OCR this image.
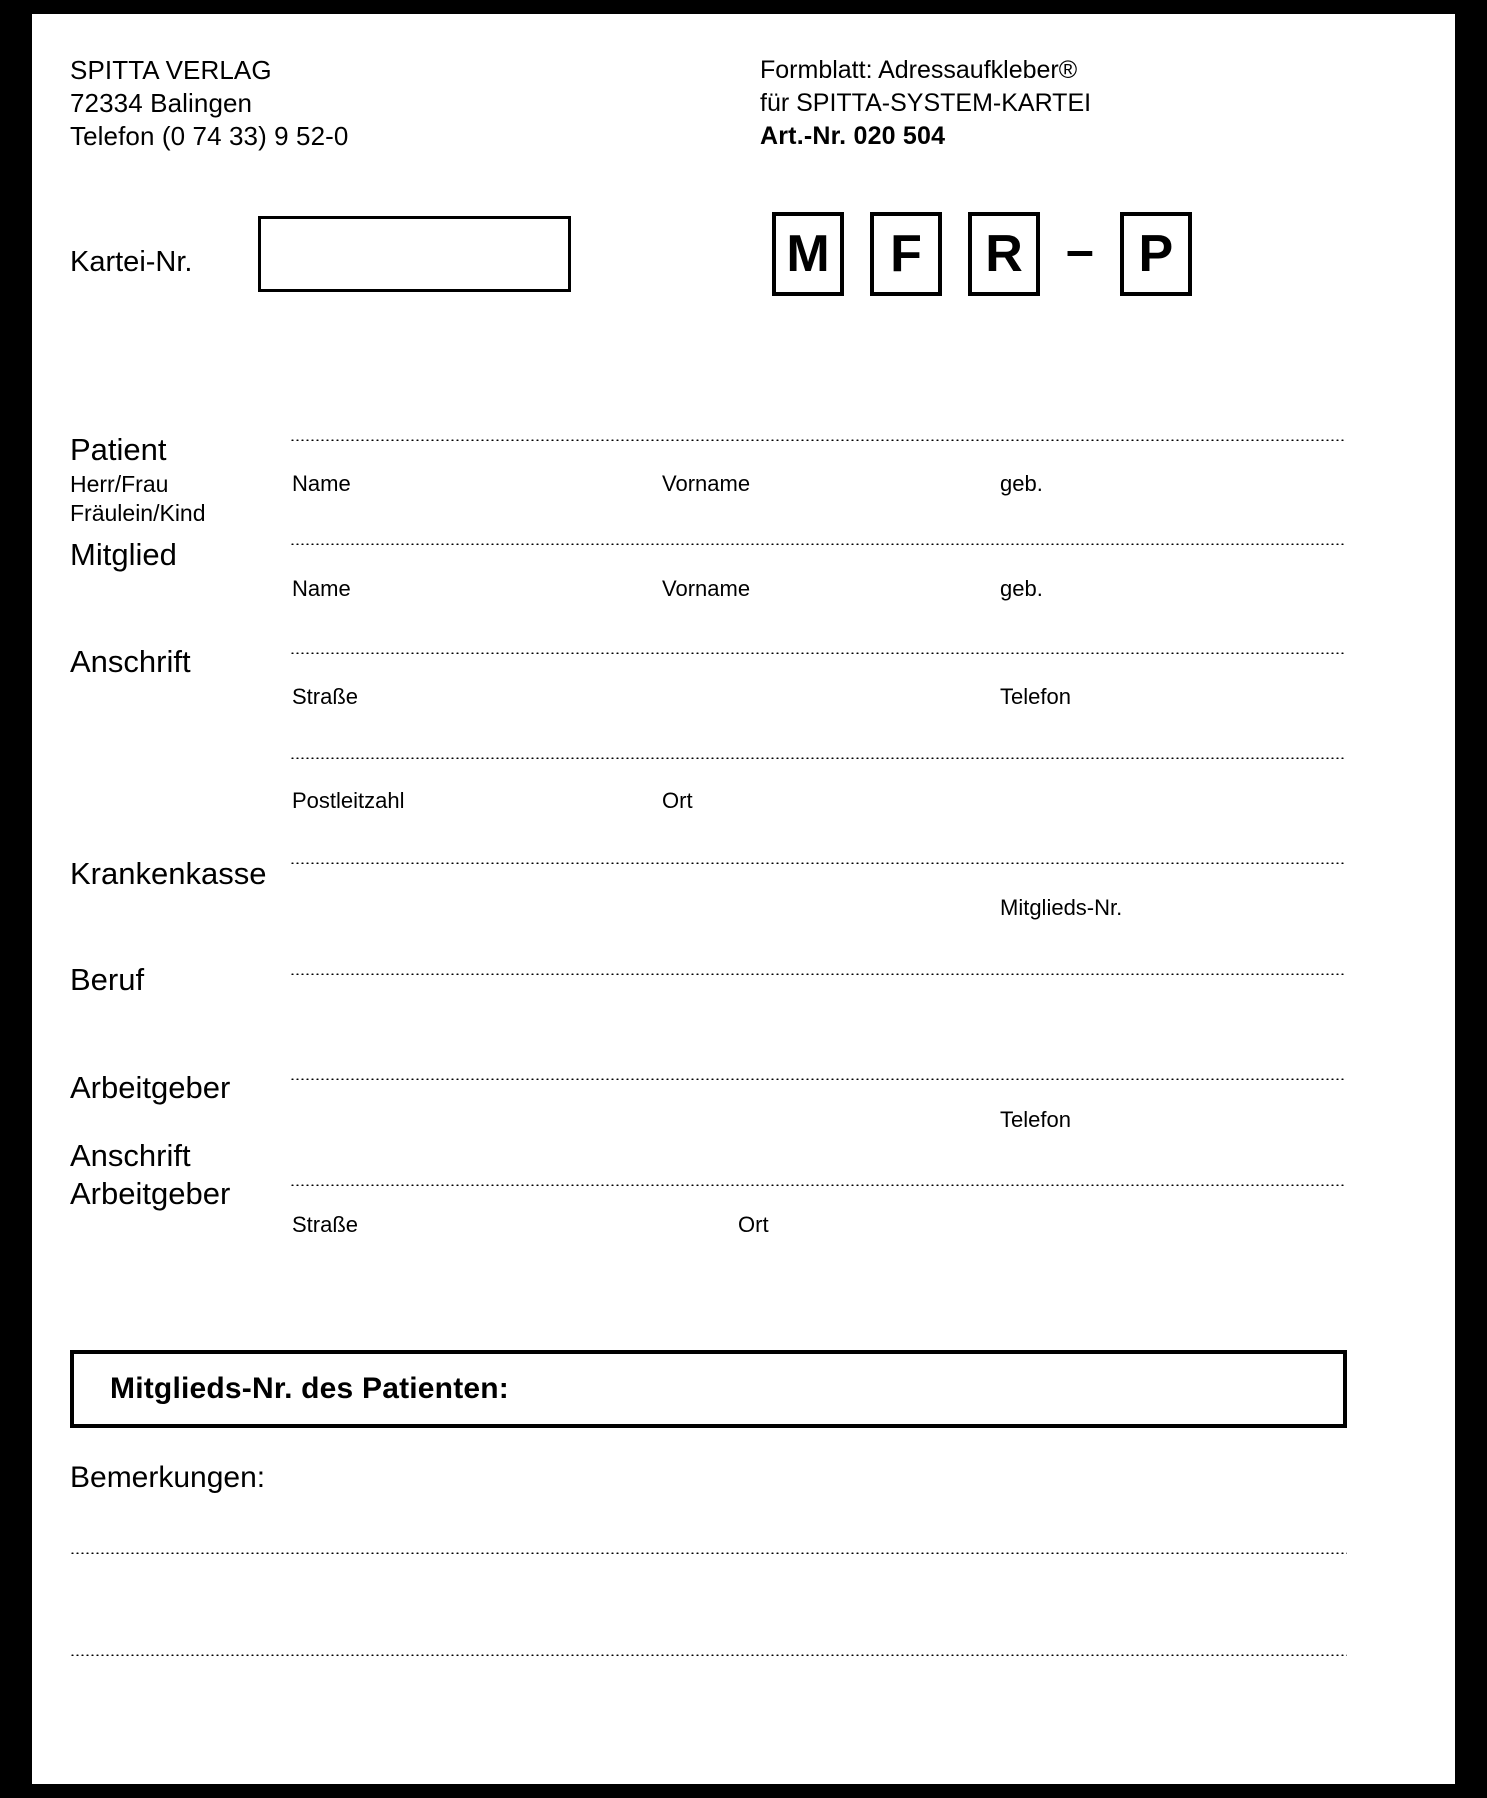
SPITTA VERLAG
72334 Balingen
Telefon (0 74 33) 9 52-0
Formblatt: Adressaufkleber®
für SPITTA-SYSTEM-KARTEI
Art.-Nr. 020 504
Kartei-Nr.	M	F	R – P
Patient
Herr/Frau
Fräulein/Kind
Name	Vorname	geb.
Mitglied
Name	Vorname	geb.
Anschrift
Straße	Telefon
Postleitzahl	Ort
Krankenkasse
Mitglieds-Nr.
Beruf
Arbeitgeber
Telefon
Anschrift
Arbeitgeber
Straße	Ort
Mitglieds-Nr. des Patienten:
Bemerkungen:
